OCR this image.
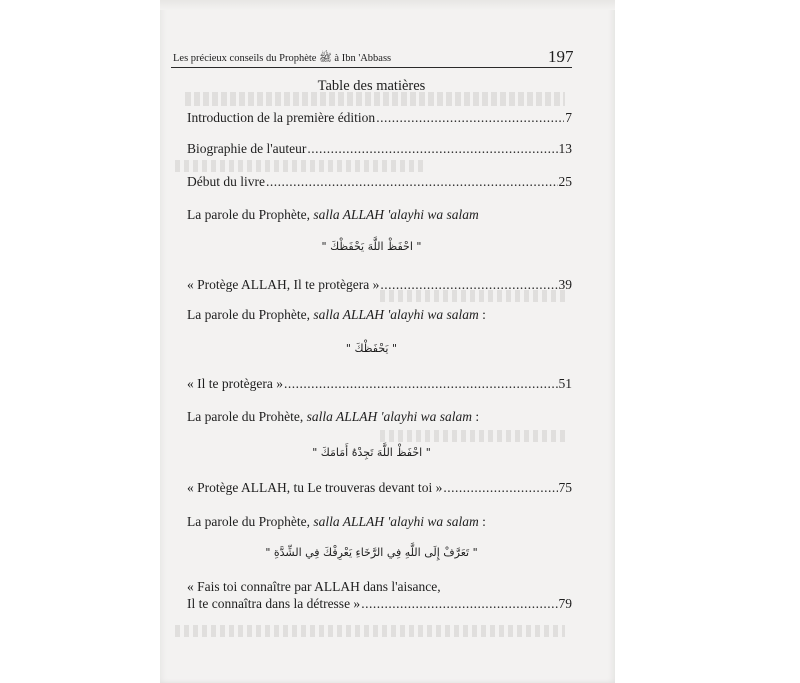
Les précieux conseils du Prophète ﷺ à Ibn 'Abbass	197
Table des matières
Introduction de la première édition .....	7
Biographie de l'auteur .....	13
Début du livre .....	25
La parole du Prophète, salla ALLAH 'alayhi wa salam
" احْفَظْ اللَّهَ يَحْفَظْكَ "
« Protège ALLAH, Il te protègera » .....	39
La parole du Prophète, salla ALLAH 'alayhi wa salam :
" يَحْفَظْكَ "
« Il te protègera » .....	51
La parole du Prohète, salla ALLAH 'alayhi wa salam :
" احْفَظْ اللَّهَ تَجِدْهُ أَمَامَكَ "
« Protège ALLAH, tu Le trouveras devant toi » .....	75
La parole du Prophète, salla ALLAH 'alayhi wa salam :
" تَعَرَّفْ إِلَى اللَّهِ فِي الرَّخَاءِ يَعْرِفْكَ فِي الشِّدَّةِ "
« Fais toi connaître par ALLAH dans l'aisance,
Il te connaîtra dans la détresse » .....	79
